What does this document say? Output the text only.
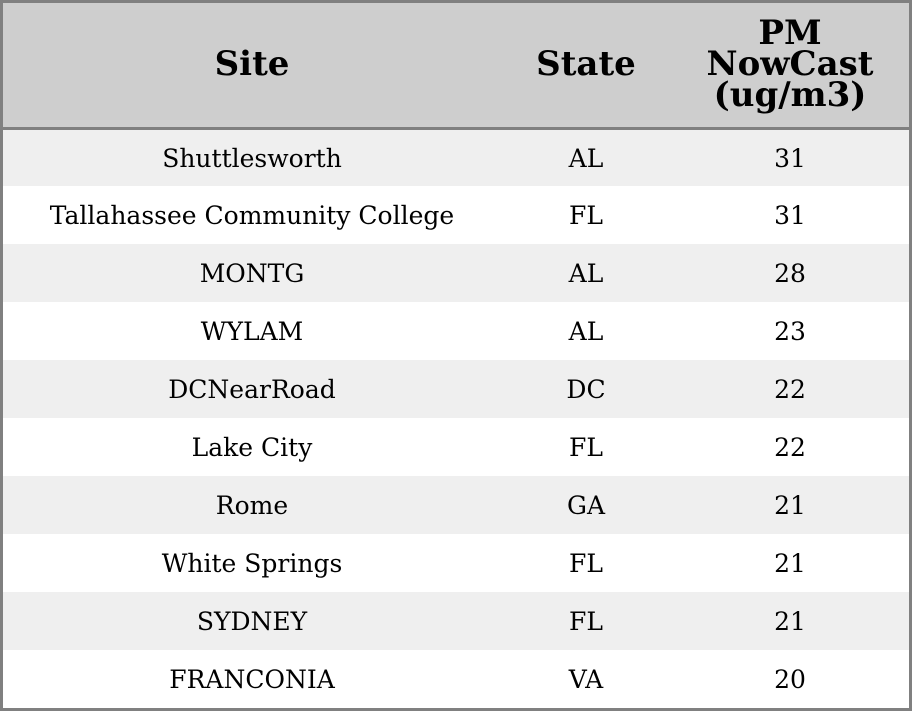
Site	State	PM
NowCast
(ug/m3)
Shuttlesworth	AL	31
Tallahassee Community College	FL	31
MONTG	AL	28
WYLAM	AL	23
DCNearRoad	DC	22
Lake City	FL	22
Rome	GA	21
White Springs	FL	21
SYDNEY	FL	21
FRANCONIA	VA	20
